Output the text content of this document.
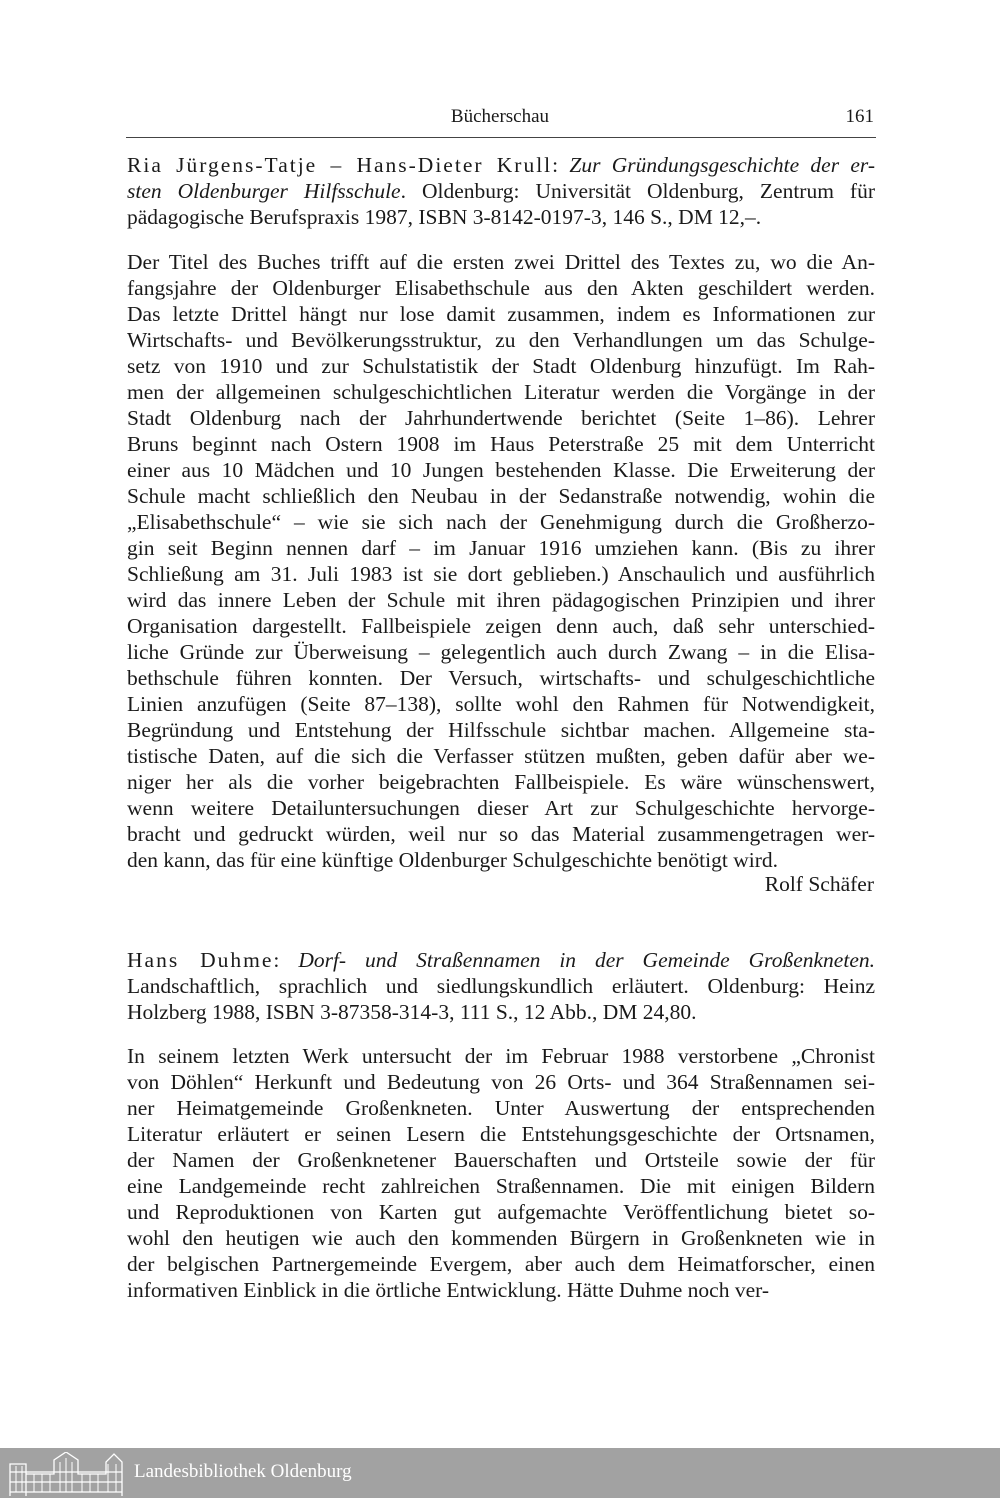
Bücherschau	161
Ria Jürgens-Tatje – Hans-Dieter Krull: Zur Gründungsgeschichte der er-
sten Oldenburger Hilfsschule. Oldenburg: Universität Oldenburg, Zentrum für
pädagogische Berufspraxis 1987, ISBN 3-8142-0197-3, 146 S., DM 12,–.
Der Titel des Buches trifft auf die ersten zwei Drittel des Textes zu, wo die An-
fangsjahre der Oldenburger Elisabethschule aus den Akten geschildert werden.
Das letzte Drittel hängt nur lose damit zusammen, indem es Informationen zur
Wirtschafts- und Bevölkerungsstruktur, zu den Verhandlungen um das Schulge-
setz von 1910 und zur Schulstatistik der Stadt Oldenburg hinzufügt. Im Rah-
men der allgemeinen schulgeschichtlichen Literatur werden die Vorgänge in der
Stadt Oldenburg nach der Jahrhundertwende berichtet (Seite 1–86). Lehrer
Bruns beginnt nach Ostern 1908 im Haus Peterstraße 25 mit dem Unterricht
einer aus 10 Mädchen und 10 Jungen bestehenden Klasse. Die Erweiterung der
Schule macht schließlich den Neubau in der Sedanstraße notwendig, wohin die
„Elisabethschule“ – wie sie sich nach der Genehmigung durch die Großherzo-
gin seit Beginn nennen darf – im Januar 1916 umziehen kann. (Bis zu ihrer
Schließung am 31. Juli 1983 ist sie dort geblieben.) Anschaulich und ausführlich
wird das innere Leben der Schule mit ihren pädagogischen Prinzipien und ihrer
Organisation dargestellt. Fallbeispiele zeigen denn auch, daß sehr unterschied-
liche Gründe zur Überweisung – gelegentlich auch durch Zwang – in die Elisa-
bethschule führen konnten. Der Versuch, wirtschafts- und schulgeschichtliche
Linien anzufügen (Seite 87–138), sollte wohl den Rahmen für Notwendigkeit,
Begründung und Entstehung der Hilfsschule sichtbar machen. Allgemeine sta-
tistische Daten, auf die sich die Verfasser stützen mußten, geben dafür aber we-
niger her als die vorher beigebrachten Fallbeispiele. Es wäre wünschenswert,
wenn weitere Detailuntersuchungen dieser Art zur Schulgeschichte hervorge-
bracht und gedruckt würden, weil nur so das Material zusammengetragen wer-
den kann, das für eine künftige Oldenburger Schulgeschichte benötigt wird.
Rolf Schäfer
Hans Duhme: Dorf- und Straßennamen in der Gemeinde Großenkneten.
Landschaftlich, sprachlich und siedlungskundlich erläutert. Oldenburg: Heinz
Holzberg 1988, ISBN 3-87358-314-3, 111 S., 12 Abb., DM 24,80.
In seinem letzten Werk untersucht der im Februar 1988 verstorbene „Chronist
von Döhlen“ Herkunft und Bedeutung von 26 Orts- und 364 Straßennamen sei-
ner Heimatgemeinde Großenkneten. Unter Auswertung der entsprechenden
Literatur erläutert er seinen Lesern die Entstehungsgeschichte der Ortsnamen,
der Namen der Großenknetener Bauerschaften und Ortsteile sowie der für
eine Landgemeinde recht zahlreichen Straßennamen. Die mit einigen Bildern
und Reproduktionen von Karten gut aufgemachte Veröffentlichung bietet so-
wohl den heutigen wie auch den kommenden Bürgern in Großenkneten wie in
der belgischen Partnergemeinde Evergem, aber auch dem Heimatforscher, einen
informativen Einblick in die örtliche Entwicklung. Hätte Duhme noch ver-
Landesbibliothek Oldenburg
